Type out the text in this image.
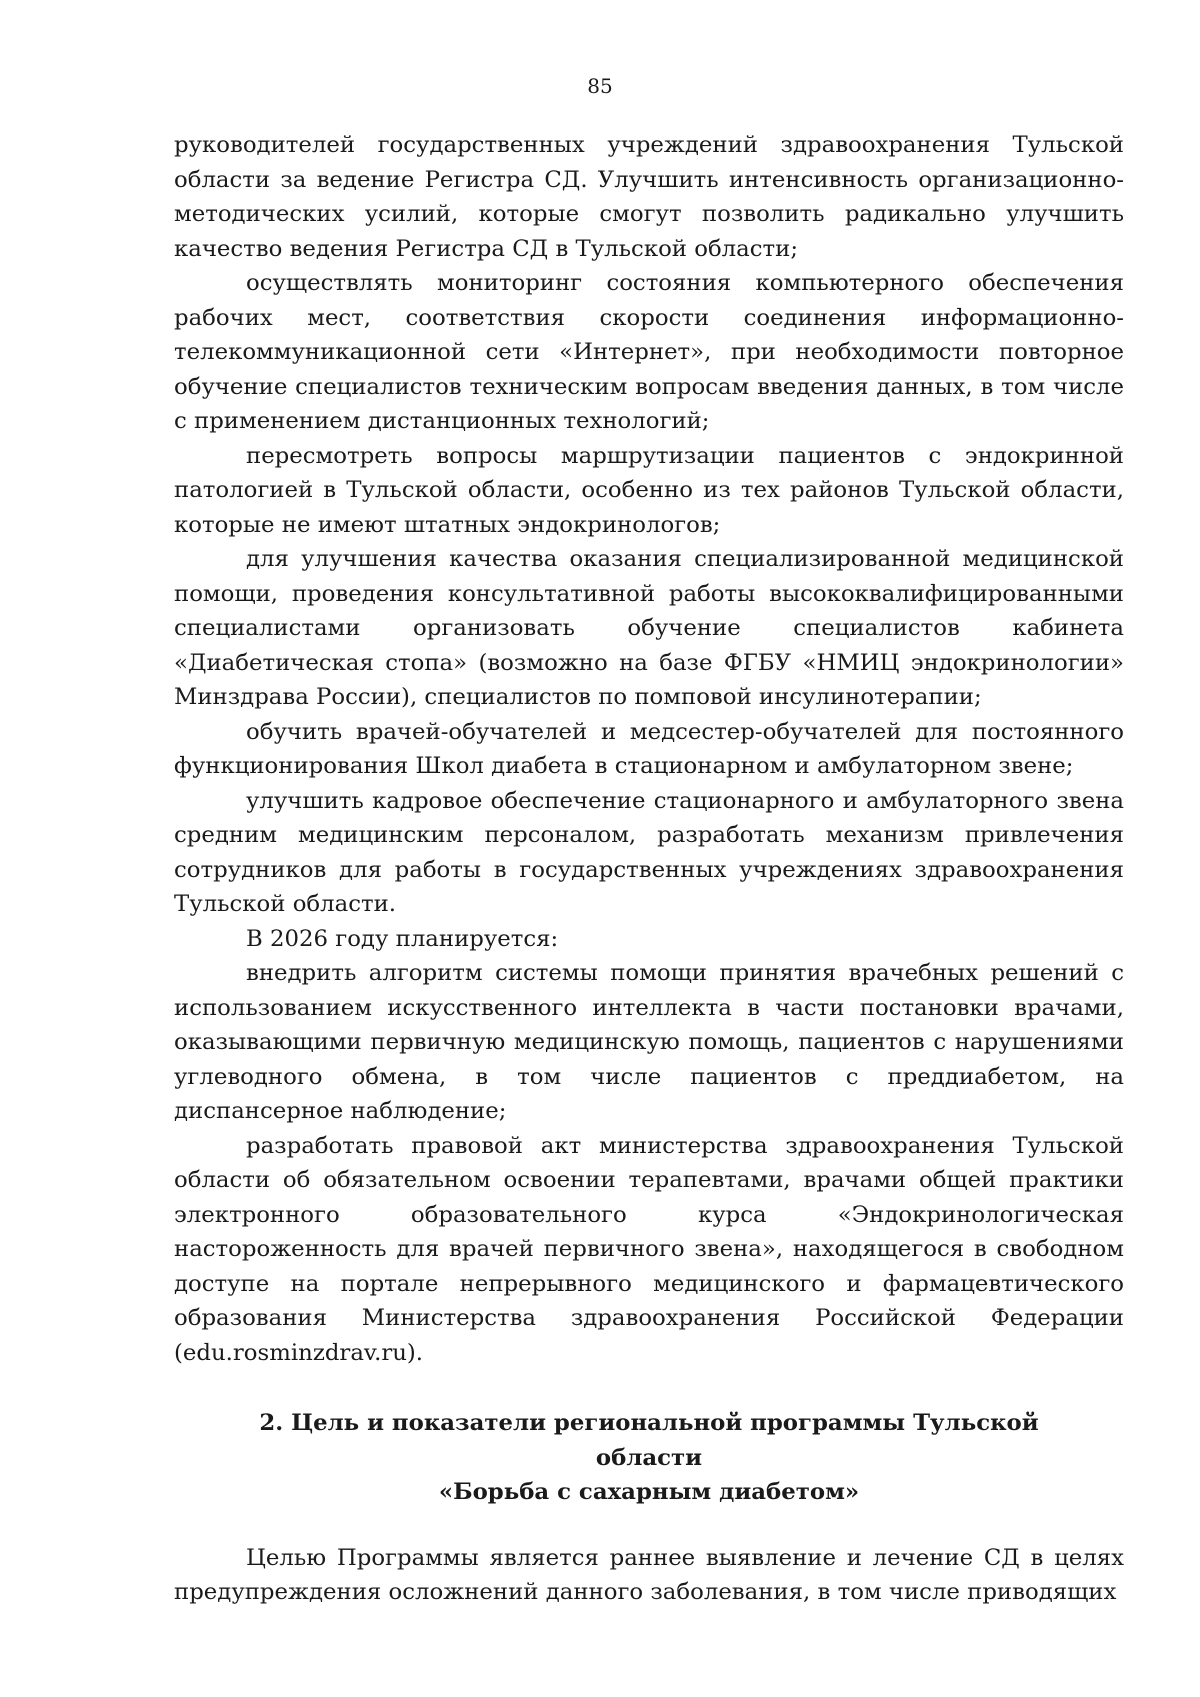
85

руководителей государственных учреждений здравоохранения Тульской области за ведение Регистра СД. Улучшить интенсивность организационно-методических усилий, которые смогут позволить радикально улучшить качество ведения Регистра СД в Тульской области;

осуществлять мониторинг состояния компьютерного обеспечения рабочих мест, соответствия скорости соединения информационно-телекоммуникационной сети «Интернет», при необходимости повторное обучение специалистов техническим вопросам введения данных, в том числе с применением дистанционных технологий;

пересмотреть вопросы маршрутизации пациентов с эндокринной патологией в Тульской области, особенно из тех районов Тульской области, которые не имеют штатных эндокринологов;

для улучшения качества оказания специализированной медицинской помощи, проведения консультативной работы высококвалифицированными специалистами организовать обучение специалистов кабинета «Диабетическая стопа» (возможно на базе ФГБУ «НМИЦ эндокринологии» Минздрава России), специалистов по помповой инсулинотерапии;

обучить врачей-обучателей и медсестер-обучателей для постоянного функционирования Школ диабета в стационарном и амбулаторном звене;

улучшить кадровое обеспечение стационарного и амбулаторного звена средним медицинским персоналом, разработать механизм привлечения сотрудников для работы в государственных учреждениях здравоохранения Тульской области.

В 2026 году планируется:

внедрить алгоритм системы помощи принятия врачебных решений с использованием искусственного интеллекта в части постановки врачами, оказывающими первичную медицинскую помощь, пациентов с нарушениями углеводного обмена, в том числе пациентов с преддиабетом, на диспансерное наблюдение;

разработать правовой акт министерства здравоохранения Тульской области об обязательном освоении терапевтами, врачами общей практики электронного образовательного курса «Эндокринологическая настороженность для врачей первичного звена», находящегося в свободном доступе на портале непрерывного медицинского и фармацевтического образования Министерства здравоохранения Российской Федерации (edu.rosminzdrav.ru).

2. Цель и показатели региональной программы Тульской области
«Борьба с сахарным диабетом»

Целью Программы является раннее выявление и лечение СД в целях предупреждения осложнений данного заболевания, в том числе приводящих
